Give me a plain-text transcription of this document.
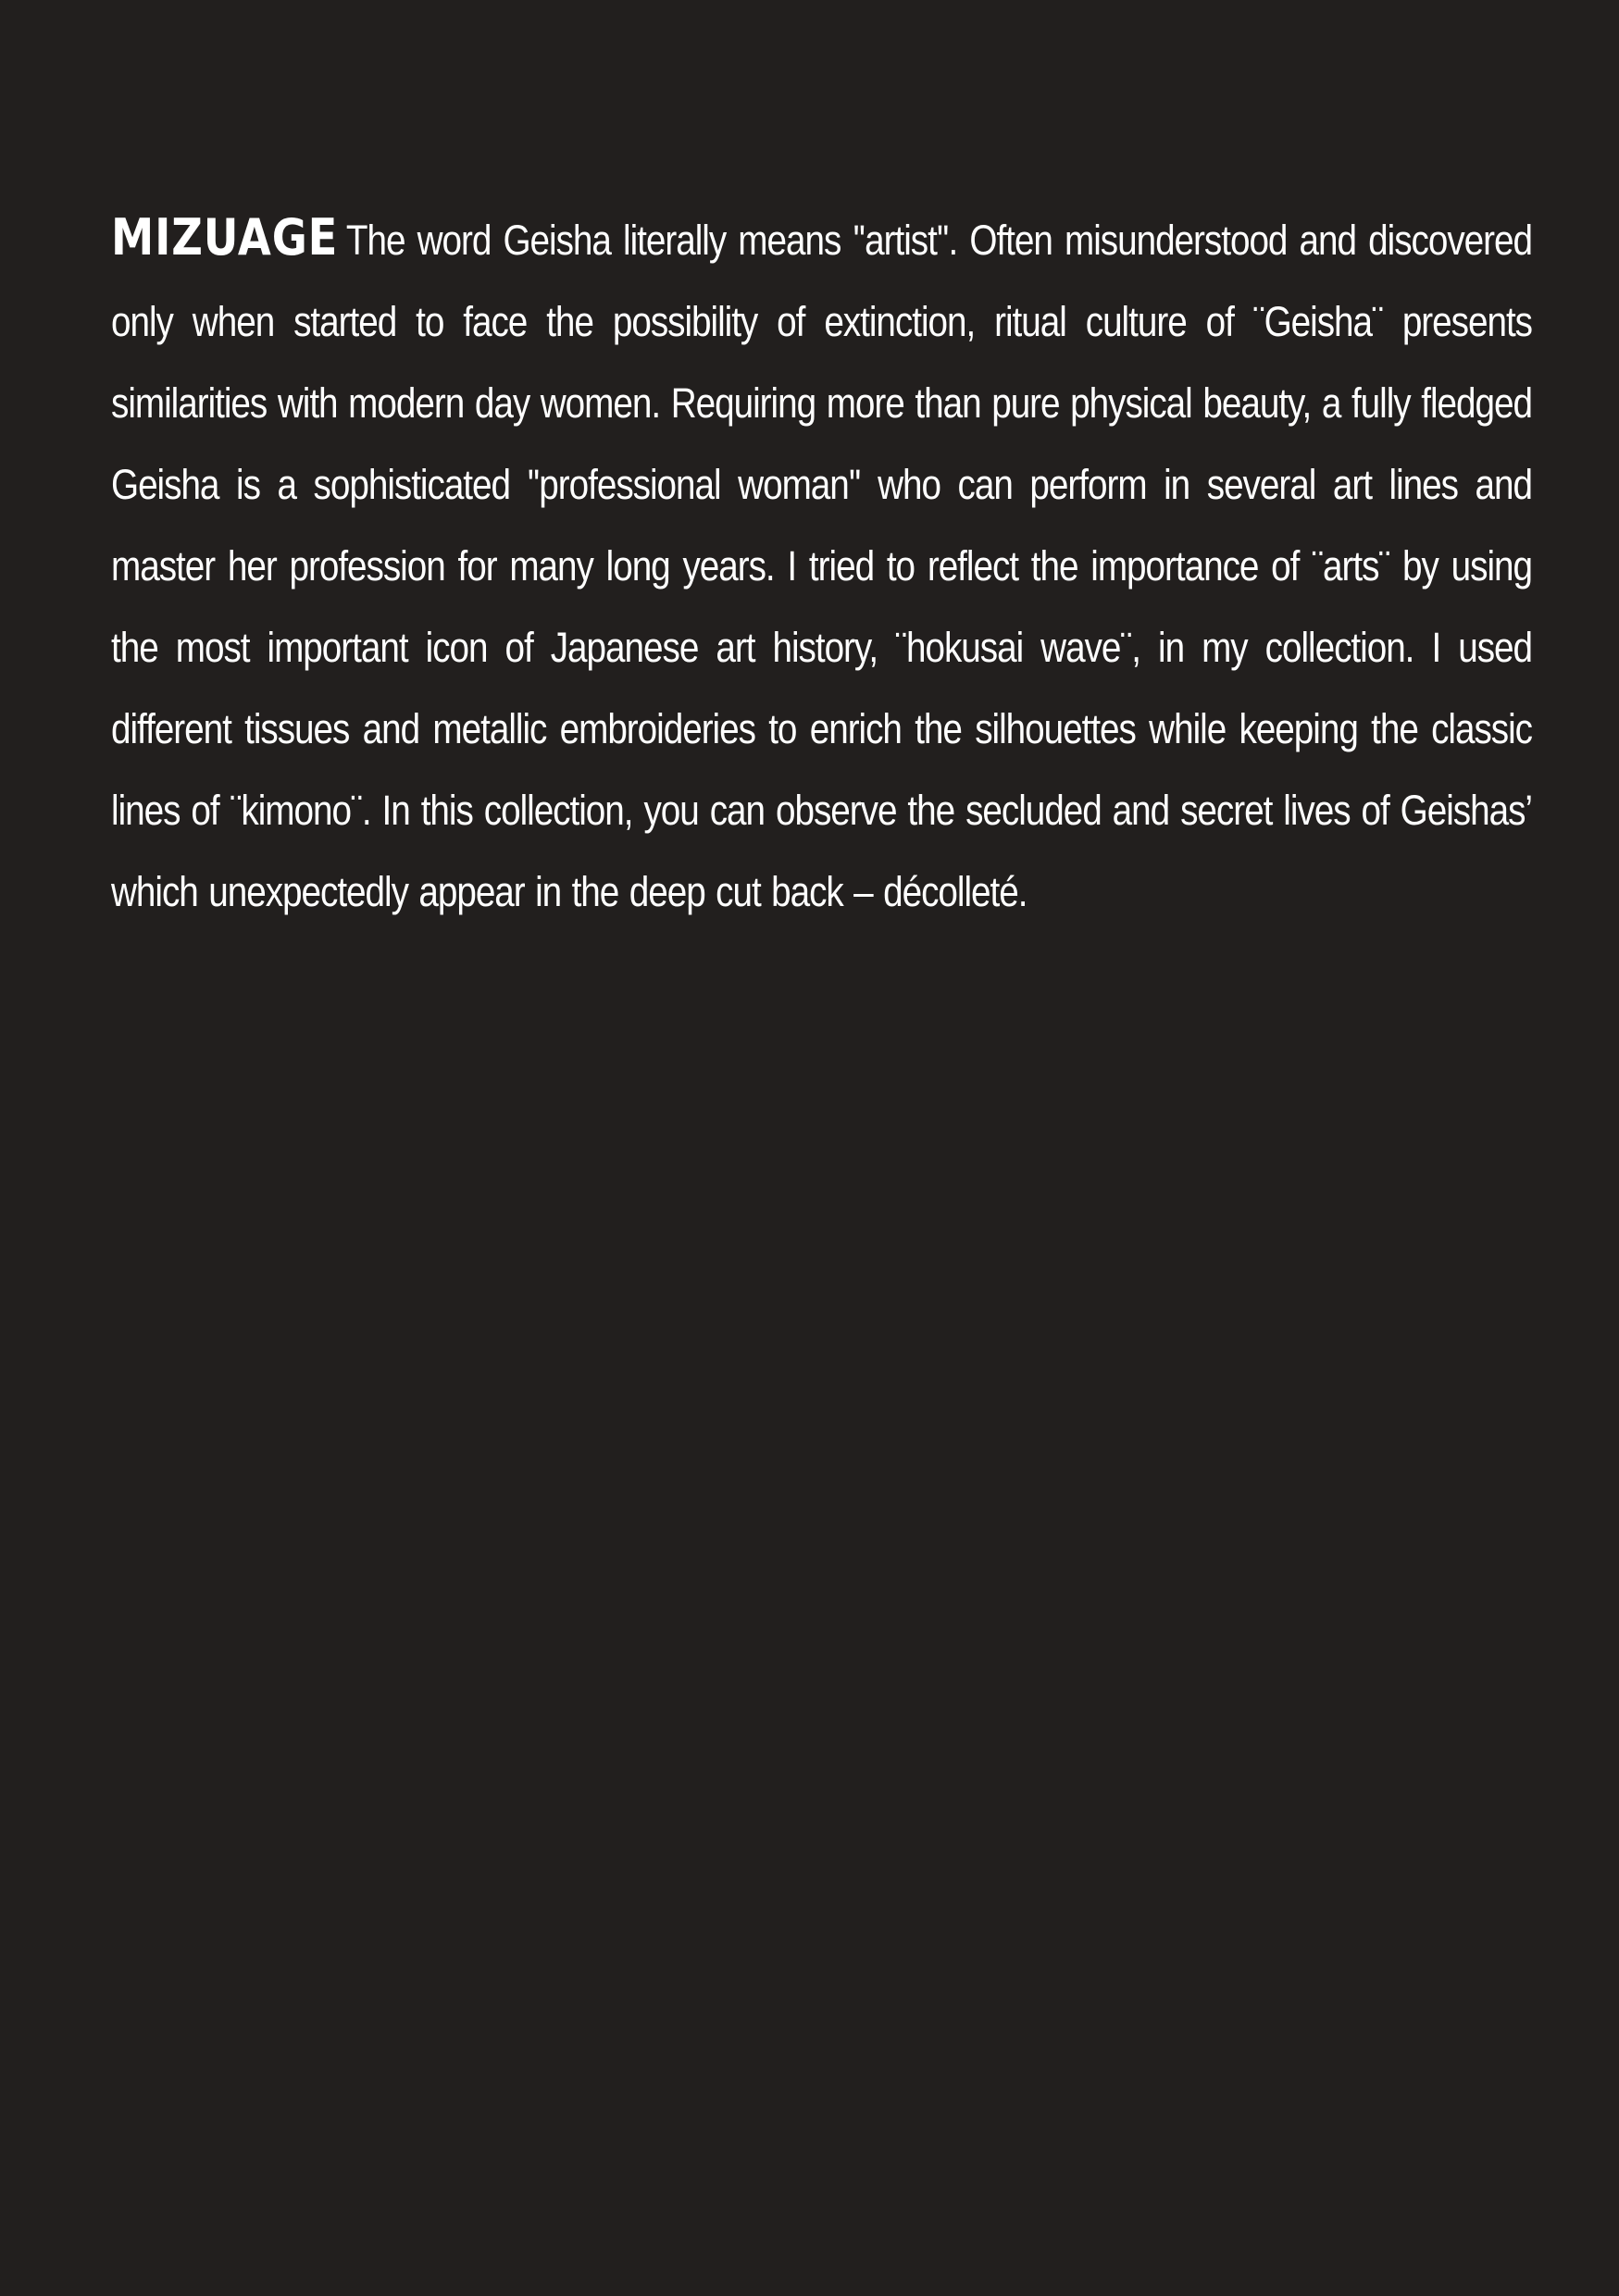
MIZUAGE The word Geisha literally means ''artist''. Often misunderstood and discovered only when started to face the possibility of extinction, ritual culture of ¨Geisha¨ presents similarities with modern day women. Requiring more than pure physical beauty, a fully fledged Geisha is a sophisticated ''professional woman'' who can perform in several art lines and master her profession for many long years. I tried to reflect the importance of ¨arts¨ by using the most important icon of Japanese art history, ¨hokusai wave¨, in my collection. I used different tissues and metallic embroideries to enrich the silhouettes while keeping the classic lines of ¨kimono¨. In this collection, you can observe the secluded and secret lives of Geishas’ which unexpectedly appear in the deep cut back – décolleté.
